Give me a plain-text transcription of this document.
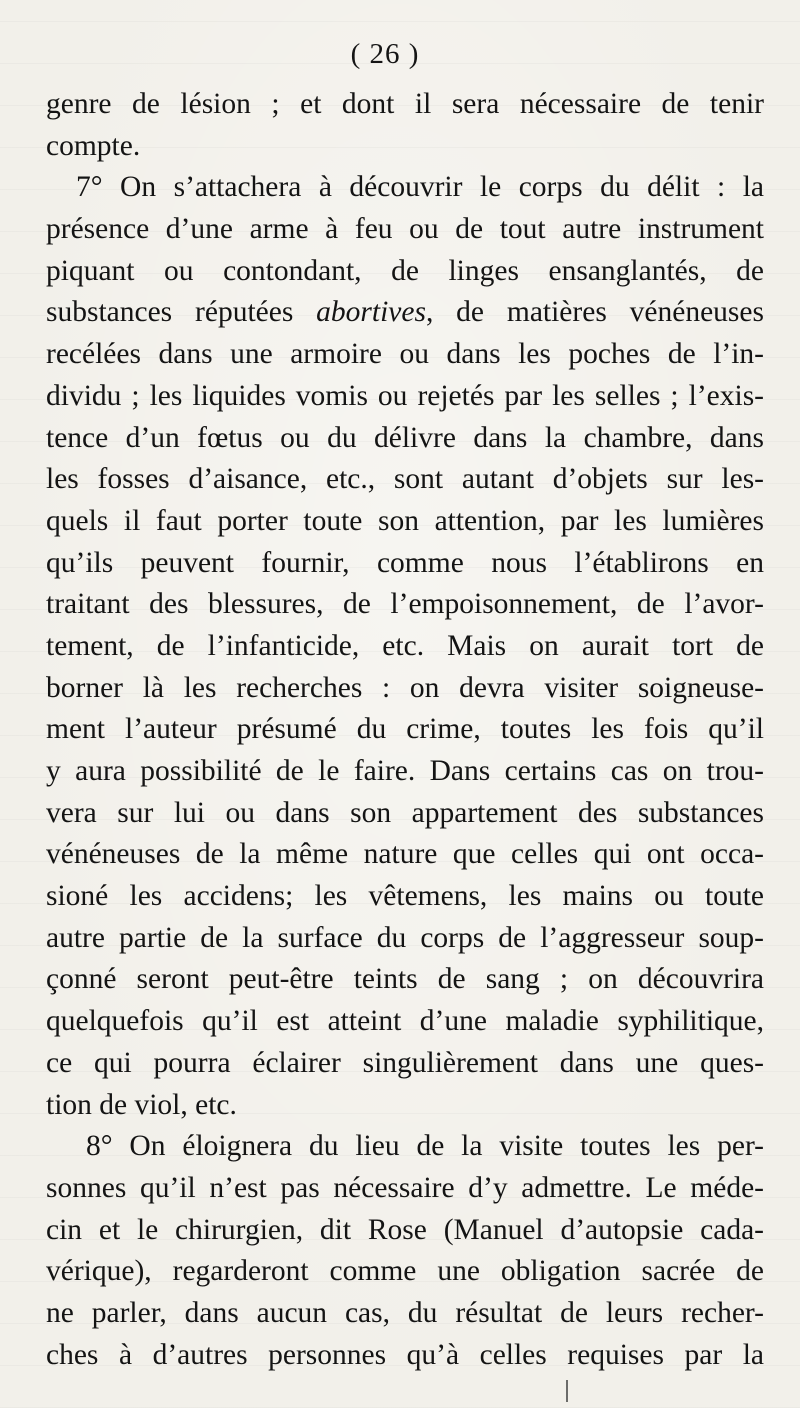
( 26 )
genre de lésion ; et dont il sera nécessaire de tenir
compte.
7° On s’attachera à découvrir le corps du délit : la
présence d’une arme à feu ou de tout autre instrument
piquant ou contondant, de linges ensanglantés, de
substances réputées abortives, de matières vénéneuses
recélées dans une armoire ou dans les poches de l’in-
dividu ; les liquides vomis ou rejetés par les selles ; l’exis-
tence d’un fœtus ou du délivre dans la chambre, dans
les fosses d’aisance, etc., sont autant d’objets sur les-
quels il faut porter toute son attention, par les lumières
qu’ils peuvent fournir, comme nous l’établirons en
traitant des blessures, de l’empoisonnement, de l’avor-
tement, de l’infanticide, etc. Mais on aurait tort de
borner là les recherches : on devra visiter soigneuse-
ment l’auteur présumé du crime, toutes les fois qu’il
y aura possibilité de le faire. Dans certains cas on trou-
vera sur lui ou dans son appartement des substances
vénéneuses de la même nature que celles qui ont occa-
sioné les accidens; les vêtemens, les mains ou toute
autre partie de la surface du corps de l’aggresseur soup-
çonné seront peut-être teints de sang ; on découvrira
quelquefois qu’il est atteint d’une maladie syphilitique,
ce qui pourra éclairer singulièrement dans une ques-
tion de viol, etc.
8° On éloignera du lieu de la visite toutes les per-
sonnes qu’il n’est pas nécessaire d’y admettre. Le méde-
cin et le chirurgien, dit Rose (Manuel d’autopsie cada-
vérique), regarderont comme une obligation sacrée de
ne parler, dans aucun cas, du résultat de leurs recher-
ches à d’autres personnes qu’à celles requises par la
